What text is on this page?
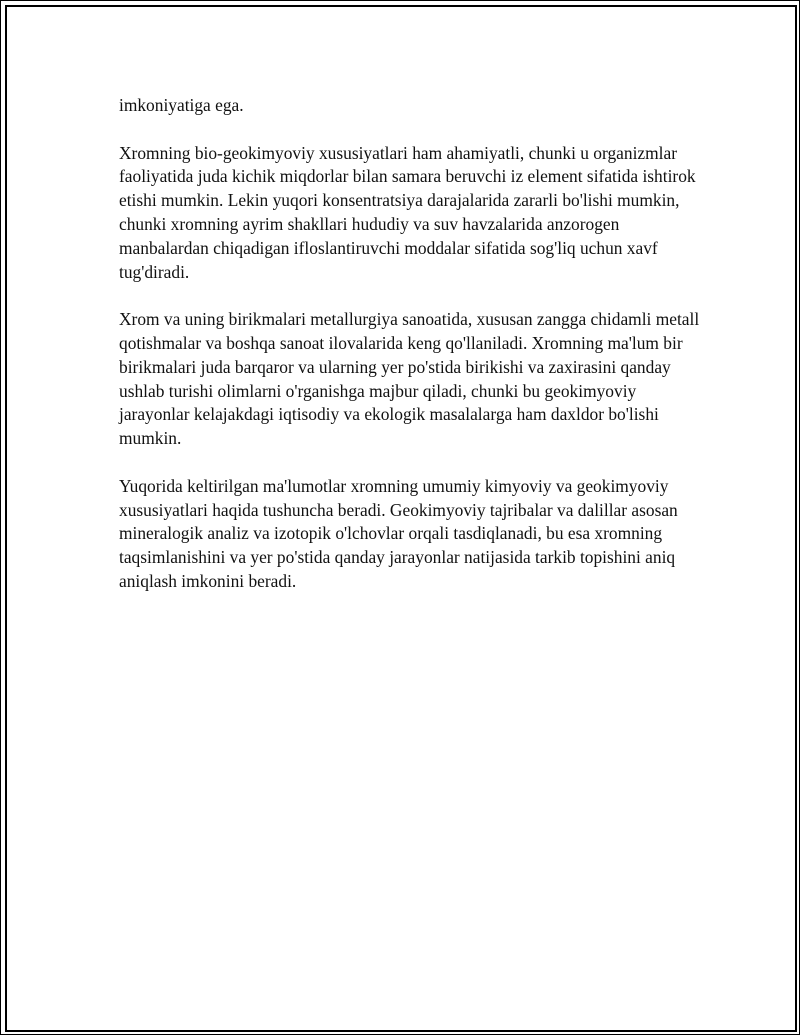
imkoniyatiga ega.

Xromning bio-geokimyoviy xususiyatlari ham ahamiyatli, chunki u organizmlar faoliyatida juda kichik miqdorlar bilan samara beruvchi iz element sifatida ishtirok etishi mumkin. Lekin yuqori konsentratsiya darajalarida zararli bo'lishi mumkin, chunki xromning ayrim shakllari hududiy va suv havzalarida anzorogen manbalardan chiqadigan ifloslantiruvchi moddalar sifatida sog'liq uchun xavf tug'diradi.

Xrom va uning birikmalari metallurgiya sanoatida, xususan zangga chidamli metall qotishmalar va boshqa sanoat ilovalarida keng qo'llaniladi. Xromning ma'lum bir birikmalari juda barqaror va ularning yer po'stida birikishi va zaxirasini qanday ushlab turishi olimlarni o'rganishga majbur qiladi, chunki bu geokimyoviy jarayonlar kelajakdagi iqtisodiy va ekologik masalalarga ham daxldor bo'lishi mumkin.

Yuqorida keltirilgan ma'lumotlar xromning umumiy kimyoviy va geokimyoviy xususiyatlari haqida tushuncha beradi. Geokimyoviy tajribalar va dalillar asosan mineralogik analiz va izotopik o'lchovlar orqali tasdiqlanadi, bu esa xromning taqsimlanishini va yer po'stida qanday jarayonlar natijasida tarkib topishini aniq aniqlash imkonini beradi.
